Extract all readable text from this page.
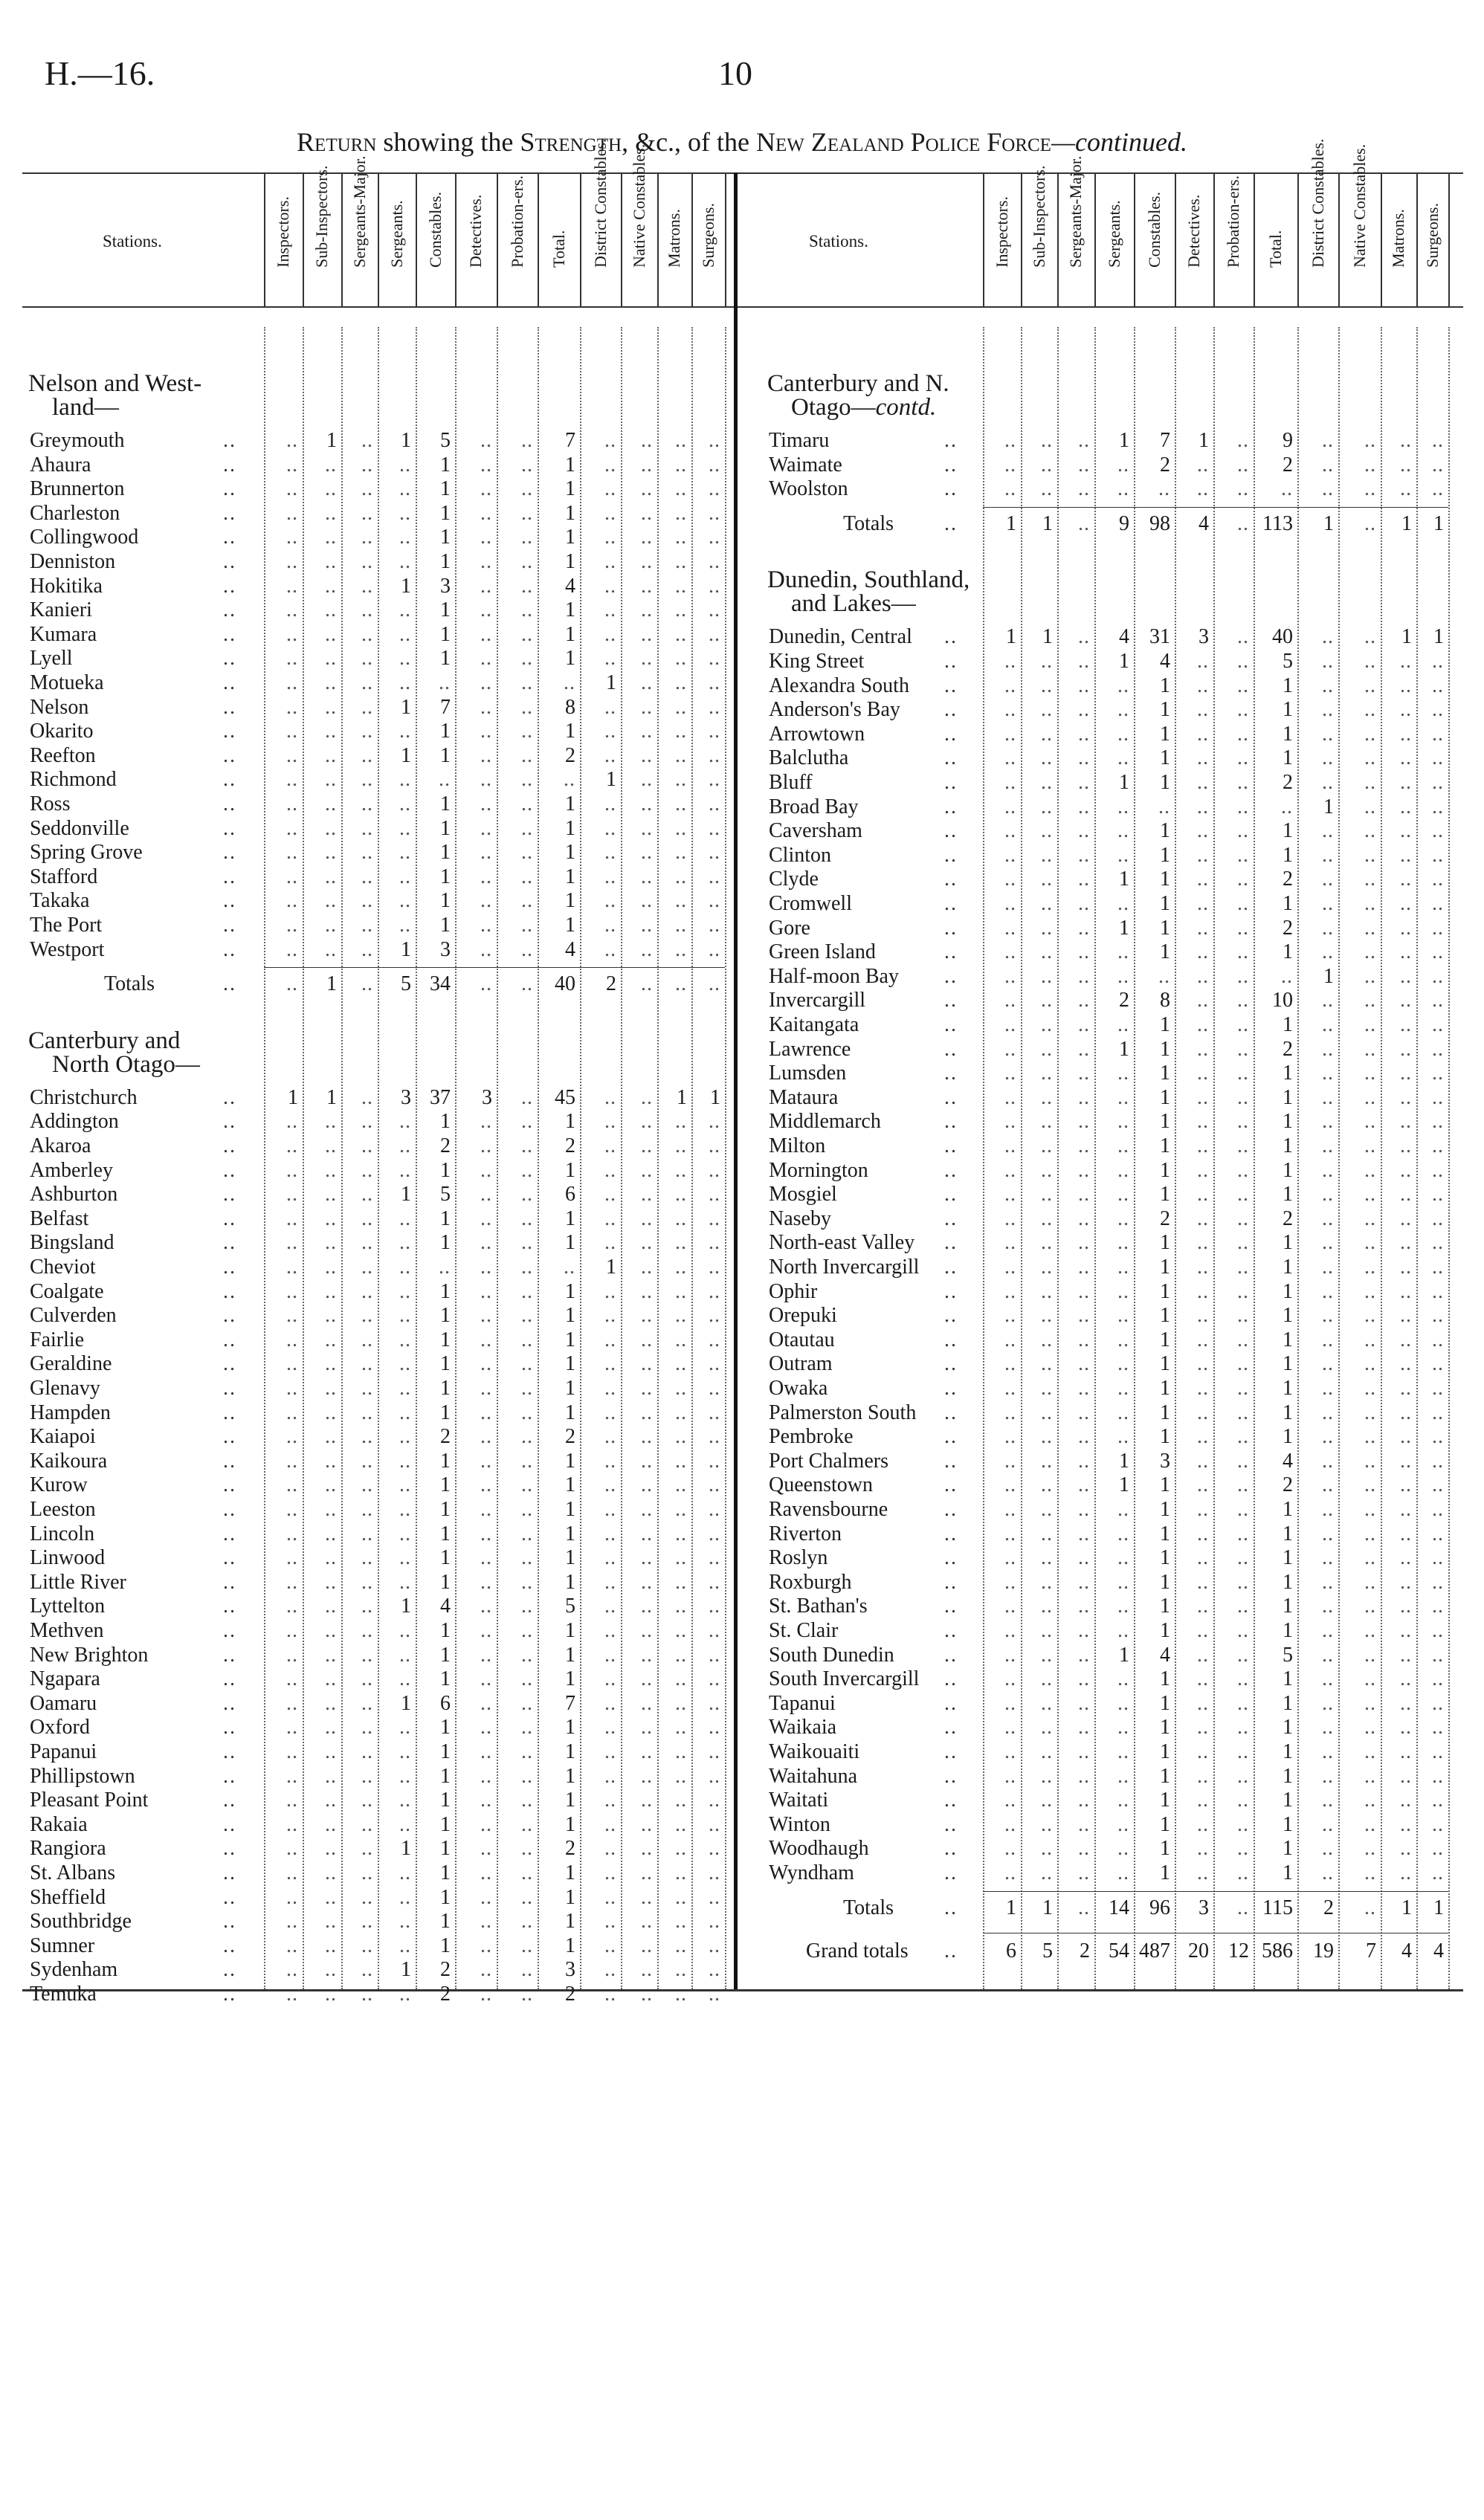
H.—16.	10
Return showing the Strength, &c., of the New Zealand Police Force—continued.
Stations.	Stations.
Inspectors. Sub-Inspectors. Sergeants-Major. Sergeants. Constables. Detectives. Probation-ers. Total. District Constables. Native Constables. Matrons. Surgeons.	Inspectors. Sub-Inspectors. Sergeants-Major. Sergeants. Constables. Detectives. Probation-ers. Total. District Constables. Native Constables. Matrons. Surgeons.
Nelson and West-
land—
Greymouth	..	..	1	..	1	5	..	..	7	..	..	..	..
Ahaura	..	..	..	..	..	1	..	..	1	..	..	..	..
Brunnerton	..	..	..	..	..	1	..	..	1	..	..	..	..
Charleston	..	..	..	..	..	1	..	..	1	..	..	..	..
Collingwood	..	..	..	..	..	1	..	..	1	..	..	..	..
Denniston	..	..	..	..	..	1	..	..	1	..	..	..	..
Hokitika	..	..	..	..	1	3	..	..	4	..	..	..	..
Kanieri	..	..	..	..	..	1	..	..	1	..	..	..	..
Kumara	..	..	..	..	..	1	..	..	1	..	..	..	..
Lyell	..	..	..	..	..	1	..	..	1	..	..	..	..
Motueka	..	..	..	..	..	..	..	..	..	1	..	..	..
Nelson	..	..	..	..	1	7	..	..	8	..	..	..	..
Okarito	..	..	..	..	..	1	..	..	1	..	..	..	..
Reefton	..	..	..	..	1	1	..	..	2	..	..	..	..
Richmond	..	..	..	..	..	..	..	..	..	1	..	..	..
Ross	..	..	..	..	..	1	..	..	1	..	..	..	..
Seddonville	..	..	..	..	..	1	..	..	1	..	..	..	..
Spring Grove	..	..	..	..	..	1	..	..	1	..	..	..	..
Stafford	..	..	..	..	..	1	..	..	1	..	..	..	..
Takaka	..	..	..	..	..	1	..	..	1	..	..	..	..
The Port	..	..	..	..	..	1	..	..	1	..	..	..	..
Westport	..	..	..	..	1	3	..	..	4	..	..	..	..
Totals	..	..	1	..	5 34	..	..	40	2	..	..	..
Canterbury and
North Otago—
Christchurch	..	1	1	..	3 37	3	..	45	..	..	1	1
Addington	..	..	..	..	..	1	..	..	1	..	..	..	..
Akaroa	..	..	..	..	..	2	..	..	2	..	..	..	..
Amberley	..	..	..	..	..	1	..	..	1	..	..	..	..
Ashburton	..	..	..	..	1	5	..	..	6	..	..	..	..
Belfast	..	..	..	..	..	1	..	..	1	..	..	..	..
Bingsland	..	..	..	..	..	1	..	..	1	..	..	..	..
Cheviot	..	..	..	..	..	..	..	..	..	1	..	..	..
Coalgate	..	..	..	..	..	1	..	..	1	..	..	..	..
Culverden	..	..	..	..	..	1	..	..	1	..	..	..	..
Fairlie	..	..	..	..	..	1	..	..	1	..	..	..	..
Geraldine	..	..	..	..	..	1	..	..	1	..	..	..	..
Glenavy	..	..	..	..	..	1	..	..	1	..	..	..	..
Hampden	..	..	..	..	..	1	..	..	1	..	..	..	..
Kaiapoi	..	..	..	..	..	2	..	..	2	..	..	..	..
Kaikoura	..	..	..	..	..	1	..	..	1	..	..	..	..
Kurow	..	..	..	..	..	1	..	..	1	..	..	..	..
Leeston	..	..	..	..	..	1	..	..	1	..	..	..	..
Lincoln	..	..	..	..	..	1	..	..	1	..	..	..	..
Linwood	..	..	..	..	..	1	..	..	1	..	..	..	..
Little River	..	..	..	..	..	1	..	..	1	..	..	..	..
Lyttelton	..	..	..	..	1	4	..	..	5	..	..	..	..
Methven	..	..	..	..	..	1	..	..	1	..	..	..	..
New Brighton	..	..	..	..	..	1	..	..	1	..	..	..	..
Ngapara	..	..	..	..	..	1	..	..	1	..	..	..	..
Oamaru	..	..	..	..	1	6	..	..	7	..	..	..	..
Oxford	..	..	..	..	..	1	..	..	1	..	..	..	..
Papanui	..	..	..	..	..	1	..	..	1	..	..	..	..
Phillipstown	..	..	..	..	..	1	..	..	1	..	..	..	..
Pleasant Point	..	..	..	..	..	1	..	..	1	..	..	..	..
Rakaia	..	..	..	..	..	1	..	..	1	..	..	..	..
Rangiora	..	..	..	..	1	1	..	..	2	..	..	..	..
St. Albans	..	..	..	..	..	1	..	..	1	..	..	..	..
Sheffield	..	..	..	..	..	1	..	..	1	..	..	..	..
Southbridge	..	..	..	..	..	1	..	..	1	..	..	..	..
Sumner	..	..	..	..	..	1	..	..	1	..	..	..	..
Sydenham	..	..	..	..	1	2	..	..	3	..	..	..	..
Temuka	..	..	..	..	..	2	..	..	2	..	..	..	..
Canterbury and N.
Otago—contd.
Timaru	..	..	..	..	1	7	1	..	9	..	..	.. ..
Waimate	..	..	..	..	..	2	..	..	2	..	..	.. ..
Woolston	..	..	..	..	..	..	..	..	..	..	..	.. ..
Totals ..	1	1	..	9 98	4	.. 113	1	..	1	1
Dunedin, Southland,
and Lakes—
Dunedin, Central ..	1	1	..	4 31	3	..	40	..	..	1	1
King Street	..	..	..	..	1	4	..	..	5	..	..	.. ..
Alexandra South ..	..	..	..	..	1	..	..	1	..	..	.. ..
Anderson's Bay ..	..	..	..	..	1	..	..	1	..	..	.. ..
Arrowtown	..	..	..	..	..	1	..	..	1	..	..	.. ..
Balclutha	..	..	..	..	..	1	..	..	1	..	..	.. ..
Bluff	..	..	..	..	1	1	..	..	2	..	..	.. ..
Broad Bay	..	..	..	..	..	..	..	..	..	1	..	.. ..
Caversham	..	..	..	..	..	1	..	..	1	..	..	.. ..
Clinton	..	..	..	..	..	1	..	..	1	..	..	.. ..
Clyde	..	..	..	..	1	1	..	..	2	..	..	.. ..
Cromwell	..	..	..	..	..	1	..	..	1	..	..	.. ..
Gore	..	..	..	..	1	1	..	..	2	..	..	.. ..
Green Island	..	..	..	..	..	1	..	..	1	..	..	.. ..
Half-moon Bay ..	..	..	..	..	..	..	..	..	1	..	.. ..
Invercargill	..	..	..	..	2	8	..	..	10	..	..	.. ..
Kaitangata	..	..	..	..	..	1	..	..	1	..	..	.. ..
Lawrence	..	..	..	..	1	1	..	..	2	..	..	.. ..
Lumsden	..	..	..	..	..	1	..	..	1	..	..	.. ..
Mataura	..	..	..	..	..	1	..	..	1	..	..	.. ..
Middlemarch	..	..	..	..	..	1	..	..	1	..	..	.. ..
Milton	..	..	..	..	..	1	..	..	1	..	..	.. ..
Mornington	..	..	..	..	..	1	..	..	1	..	..	.. ..
Mosgiel	..	..	..	..	..	1	..	..	1	..	..	.. ..
Naseby	..	..	..	..	..	2	..	..	2	..	..	.. ..
North-east Valley ..	..	..	..	..	1	..	..	1	..	..	.. ..
North Invercargill ..	..	..	..	..	1	..	..	1	..	..	.. ..
Ophir	..	..	..	..	..	1	..	..	1	..	..	.. ..
Orepuki	..	..	..	..	..	1	..	..	1	..	..	.. ..
Otautau	..	..	..	..	..	1	..	..	1	..	..	.. ..
Outram	..	..	..	..	..	1	..	..	1	..	..	.. ..
Owaka	..	..	..	..	..	1	..	..	1	..	..	.. ..
Palmerston South ..	..	..	..	..	1	..	..	1	..	..	.. ..
Pembroke	..	..	..	..	..	1	..	..	1	..	..	.. ..
Port Chalmers	..	..	..	..	1	3	..	..	4	..	..	.. ..
Queenstown	..	..	..	..	1	1	..	..	2	..	..	.. ..
Ravensbourne	..	..	..	..	..	1	..	..	1	..	..	.. ..
Riverton	..	..	..	..	..	1	..	..	1	..	..	.. ..
Roslyn	..	..	..	..	..	1	..	..	1	..	..	.. ..
Roxburgh	..	..	..	..	..	1	..	..	1	..	..	.. ..
St. Bathan's	..	..	..	..	..	1	..	..	1	..	..	.. ..
St. Clair	..	..	..	..	..	1	..	..	1	..	..	.. ..
South Dunedin ..	..	..	..	1	4	..	..	5	..	..	.. ..
South Invercargill ..	..	..	..	..	1	..	..	1	..	..	.. ..
Tapanui	..	..	..	..	..	1	..	..	1	..	..	.. ..
Waikaia	..	..	..	..	..	1	..	..	1	..	..	.. ..
Waikouaiti	..	..	..	..	..	1	..	..	1	..	..	.. ..
Waitahuna	..	..	..	..	..	1	..	..	1	..	..	.. ..
Waitati	..	..	..	..	..	1	..	..	1	..	..	.. ..
Winton	..	..	..	..	..	1	..	..	1	..	..	.. ..
Woodhaugh	..	..	..	..	..	1	..	..	1	..	..	.. ..
Wyndham	..	..	..	..	..	1	..	..	1	..	..	.. ..
Totals ..	1	1	.. 14 96	3	.. 115	2	..	1	1
Grand totals ..	6	5	2 54 487 20 12 586 19	7	4	4
